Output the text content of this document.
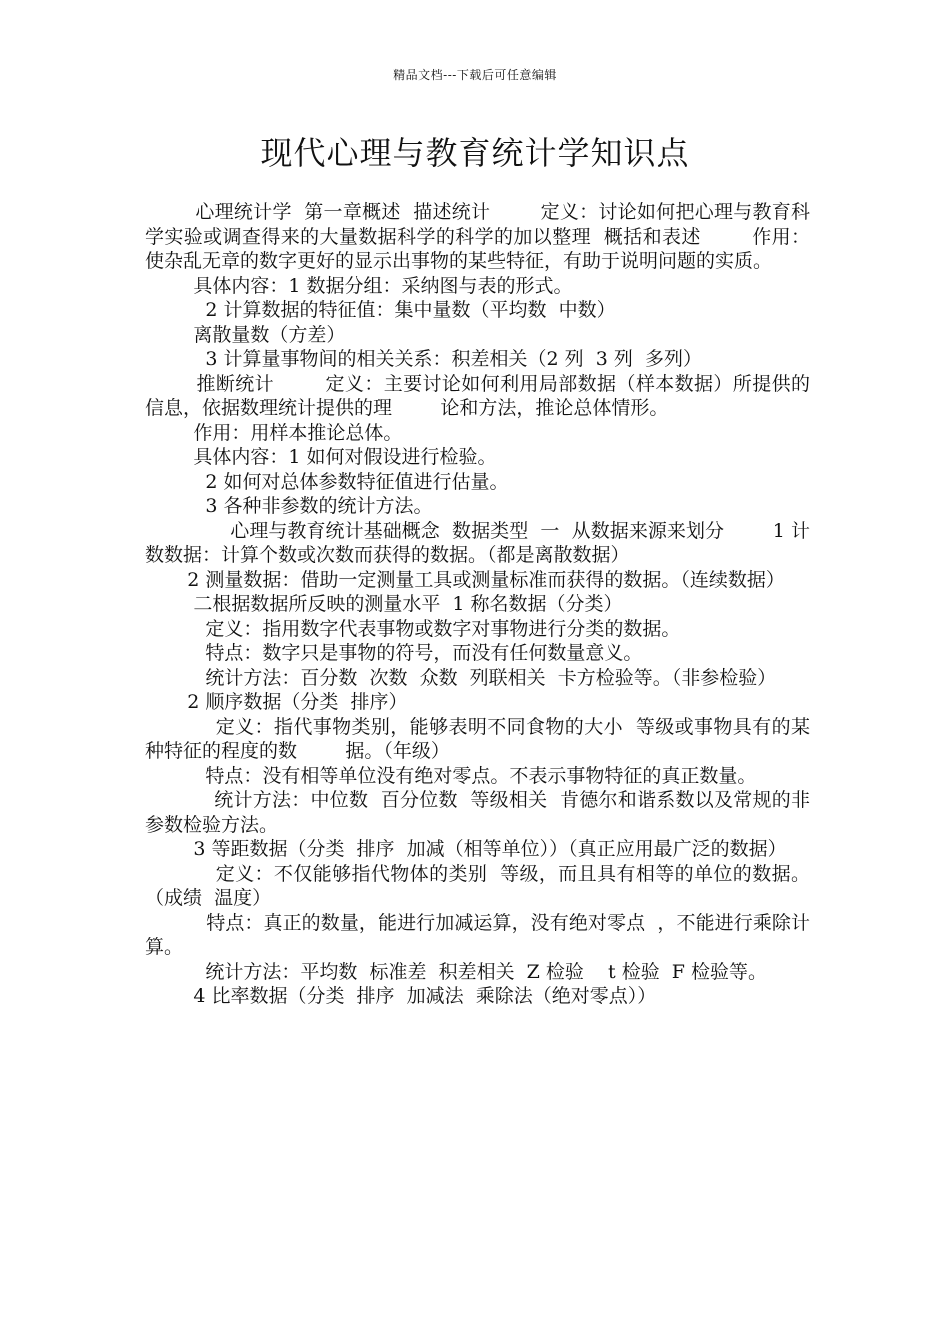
精品文档---下载后可任意编辑
现代心理与教育统计学知识点

心理统计学  第一章概述  描述统计        定义：讨论如何把心理与教育科学实验或调查得来的大量数据科学的科学的加以整理  概括和表述        作用：使杂乱无章的数字更好的显示出事物的某些特征，有助于说明问题的实质。

具体内容：1 数据分组：采纳图与表的形式。

2 计算数据的特征值：集中量数（平均数  中数）

离散量数（方差）

3 计算量事物间的相关关系：积差相关（2 列  3 列  多列）

推断统计        定义：主要讨论如何利用局部数据（样本数据）所提供的信息，依据数理统计提供的理        论和方法，推论总体情形。

作用：用样本推论总体。

具体内容：1 如何对假设进行检验。

2 如何对总体参数特征值进行估量。

3 各种非参数的统计方法。

心理与教育统计基础概念  数据类型  一  从数据来源来划分        1 计数数据：计算个数或次数而获得的数据。（都是离散数据）

2 测量数据：借助一定测量工具或测量标准而获得的数据。（连续数据）

二根据数据所反映的测量水平  1 称名数据（分类）

定义：指用数字代表事物或数字对事物进行分类的数据。

特点：数字只是事物的符号，而没有任何数量意义。

统计方法：百分数  次数  众数  列联相关  卡方检验等。（非参检验）

2 顺序数据（分类  排序）

定义：指代事物类别，能够表明不同食物的大小  等级或事物具有的某种特征的程度的数        据。（年级）

特点：没有相等单位没有绝对零点。不表示事物特征的真正数量。

统计方法：中位数  百分位数  等级相关  肯德尔和谐系数以及常规的非参数检验方法。

3 等距数据（分类  排序  加减（相等单位））（真正应用最广泛的数据）

定义：不仅能够指代物体的类别  等级，而且具有相等的单位的数据。（成绩  温度）

特点：真正的数量，能进行加减运算，没有绝对零点  ，不能进行乘除计算。

统计方法：平均数  标准差  积差相关  Z 检验    t 检验  F 检验等。

4 比率数据（分类  排序  加减法  乘除法（绝对零点））
